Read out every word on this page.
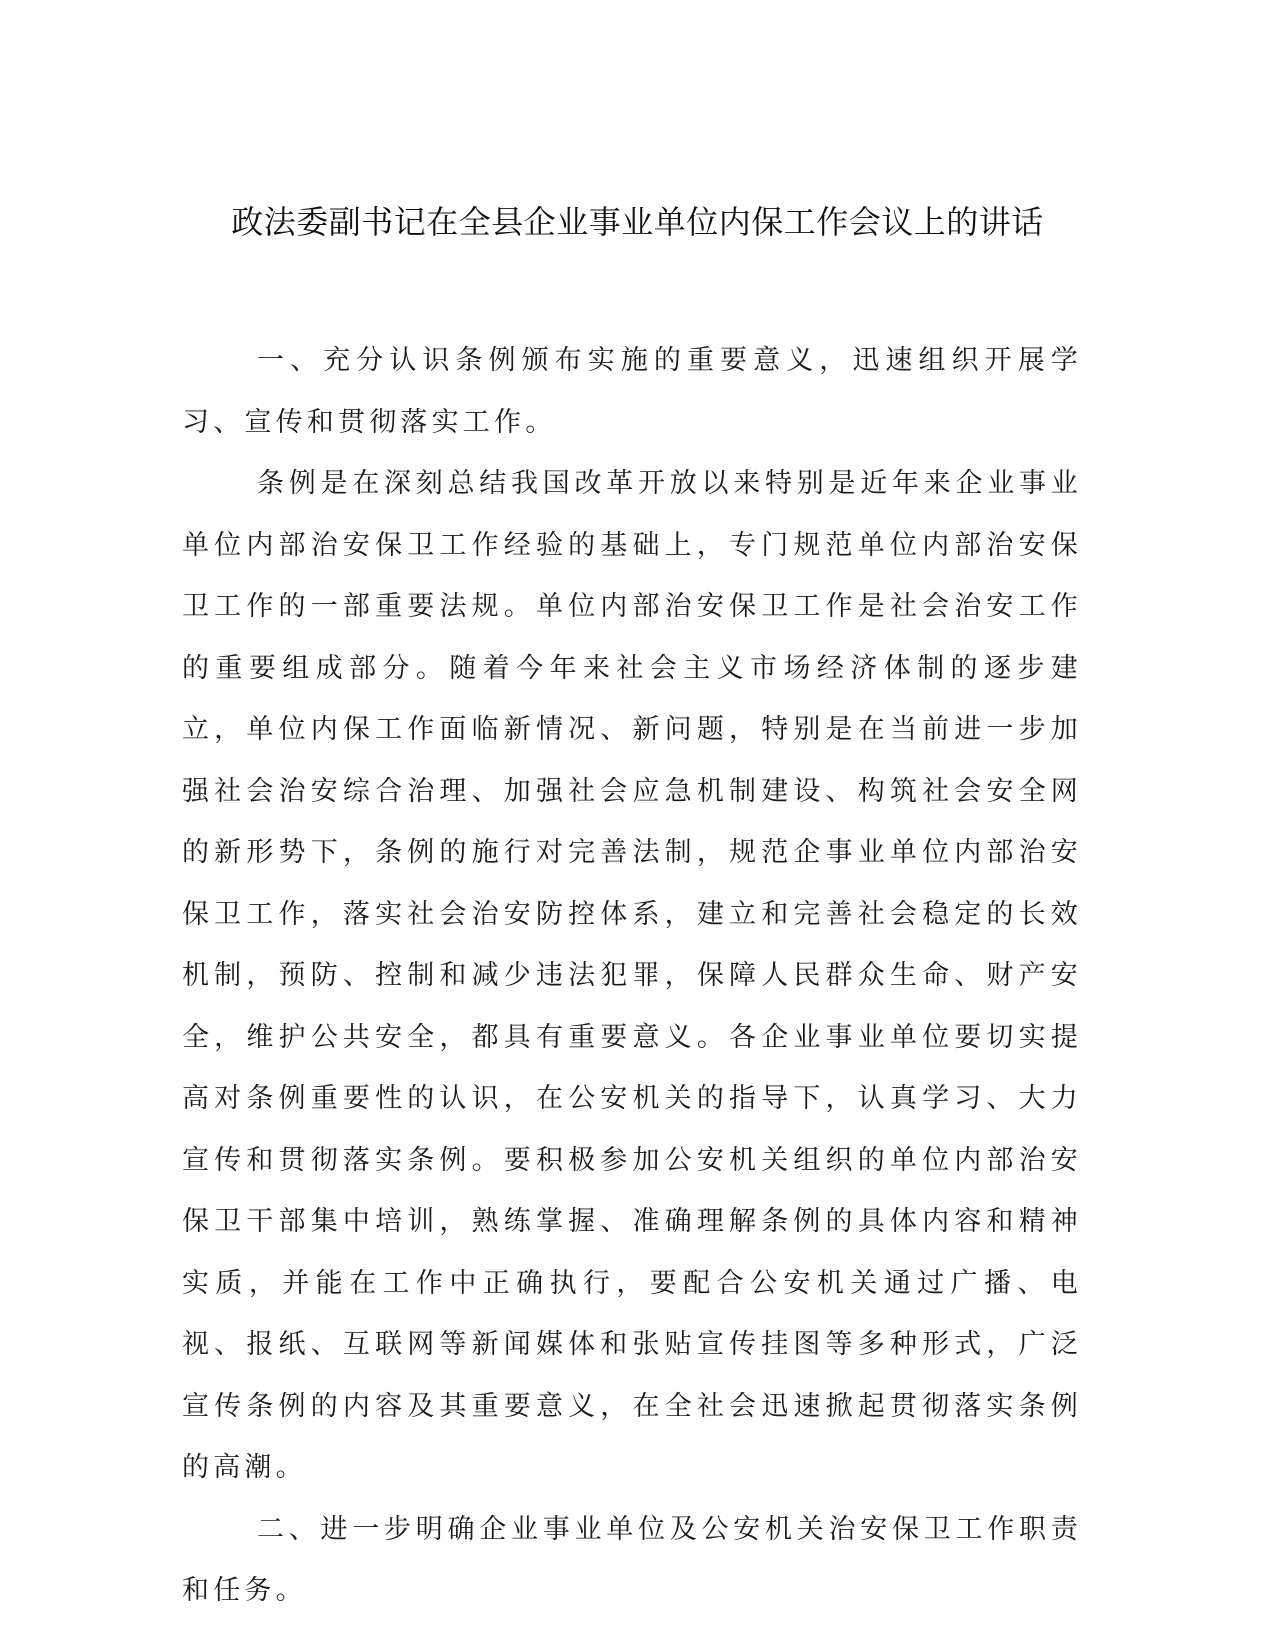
政法委副书记在全县企业事业单位内保工作会议上的讲话

一、充分认识条例颁布实施的重要意义，迅速组织开展学习、宣传和贯彻落实工作。

条例是在深刻总结我国改革开放以来特别是近年来企业事业单位内部治安保卫工作经验的基础上，专门规范单位内部治安保卫工作的一部重要法规。单位内部治安保卫工作是社会治安工作的重要组成部分。随着今年来社会主义市场经济体制的逐步建立，单位内保工作面临新情况、新问题，特别是在当前进一步加强社会治安综合治理、加强社会应急机制建设、构筑社会安全网的新形势下，条例的施行对完善法制，规范企事业单位内部治安保卫工作，落实社会治安防控体系，建立和完善社会稳定的长效机制，预防、控制和减少违法犯罪，保障人民群众生命、财产安全，维护公共安全，都具有重要意义。各企业事业单位要切实提高对条例重要性的认识，在公安机关的指导下，认真学习、大力宣传和贯彻落实条例。要积极参加公安机关组织的单位内部治安保卫干部集中培训，熟练掌握、准确理解条例的具体内容和精神实质，并能在工作中正确执行，要配合公安机关通过广播、电视、报纸、互联网等新闻媒体和张贴宣传挂图等多种形式，广泛宣传条例的内容及其重要意义，在全社会迅速掀起贯彻落实条例的高潮。

二、进一步明确企业事业单位及公安机关治安保卫工作职责和任务。
